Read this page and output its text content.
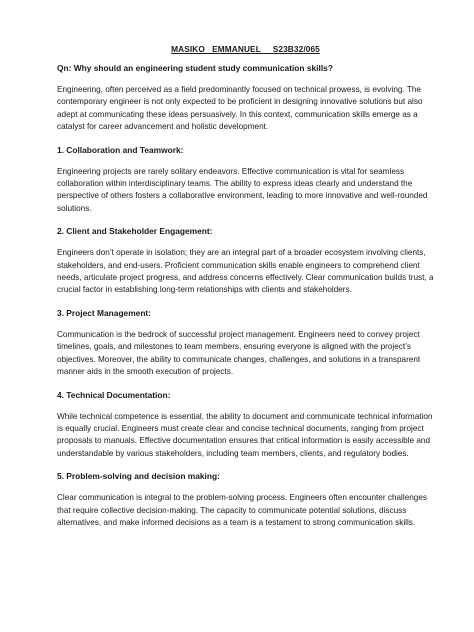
MASIKO   EMMANUEL     S23B32/065
Qn: Why should an engineering student study communication skills?
Engineering, often perceived as a field predominantly focused on technical prowess, is evolving. The contemporary engineer is not only expected to be proficient in designing innovative solutions but also adept at communicating these ideas persuasively. In this context, communication skills emerge as a catalyst for career advancement and holistic development.
1. Collaboration and Teamwork:
Engineering projects are rarely solitary endeavors. Effective communication is vital for seamless collaboration within interdisciplinary teams. The ability to express ideas clearly and understand the perspective of others fosters a collaborative environment, leading to more innovative and well-rounded solutions.
2. Client and Stakeholder Engagement:
Engineers don’t operate in isolation; they are an integral part of a broader ecosystem involving clients, stakeholders, and end-users. Proficient communication skills enable engineers to comprehend client needs, articulate project progress, and address concerns effectively. Clear communication builds trust, a crucial factor in establishing long-term relationships with clients and stakeholders.
3. Project Management:
Communication is the bedrock of successful project management. Engineers need to convey project timelines, goals, and milestones to team members, ensuring everyone is aligned with the project’s objectives. Moreover, the ability to communicate changes, challenges, and solutions in a transparent manner aids in the smooth execution of projects.
4. Technical Documentation:
While technical competence is essential, the ability to document and communicate technical information is equally crucial. Engineers must create clear and concise technical documents, ranging from project proposals to manuals. Effective documentation ensures that critical information is easily accessible and understandable by various stakeholders, including team members, clients, and regulatory bodies.
5. Problem-solving and decision making:
Clear communication is integral to the problem-solving process. Engineers often encounter challenges that require collective decision-making. The capacity to communicate potential solutions, discuss alternatives, and make informed decisions as a team is a testament to strong communication skills.
